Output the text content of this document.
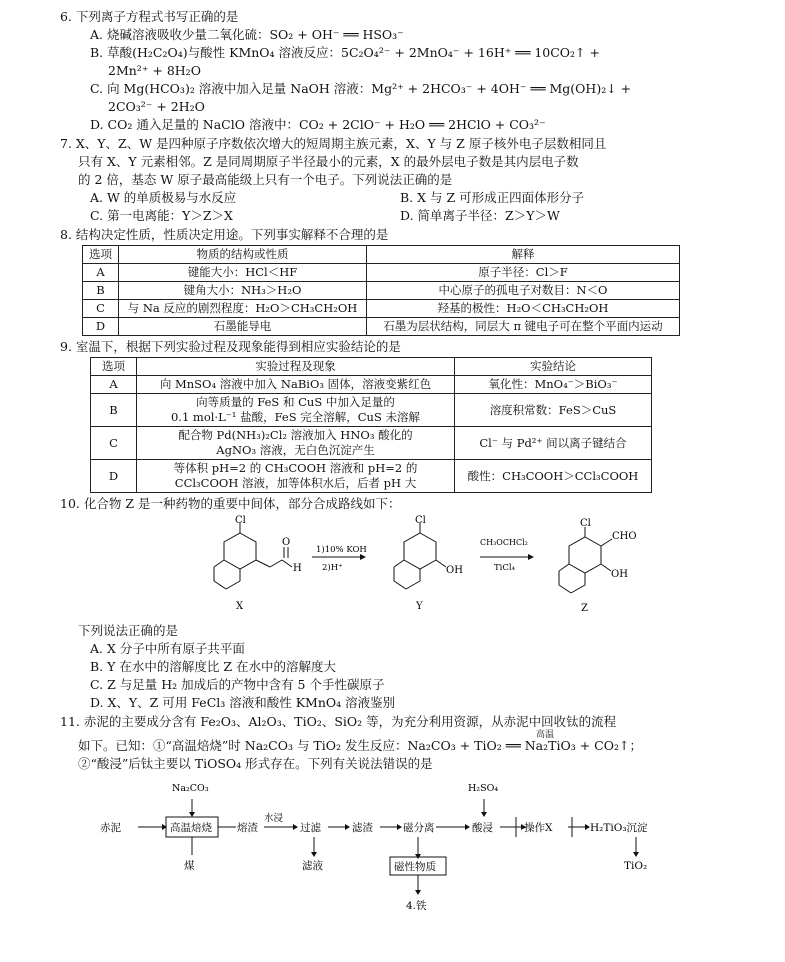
6. 下列离子方程式书写正确的是
A. 烧碱溶液吸收少量二氧化硫：SO₂ + OH⁻ ══ HSO₃⁻
B. 草酸(H₂C₂O₄)与酸性 KMnO₄ 溶液反应：5C₂O₄²⁻ + 2MnO₄⁻ + 16H⁺ ══ 10CO₂↑ +
2Mn²⁺ + 8H₂O
C. 向 Mg(HCO₃)₂ 溶液中加入足量 NaOH 溶液：Mg²⁺ + 2HCO₃⁻ + 4OH⁻ ══ Mg(OH)₂↓ +
2CO₃²⁻ + 2H₂O
D. CO₂ 通入足量的 NaClO 溶液中：CO₂ + 2ClO⁻ + H₂O ══ 2HClO + CO₃²⁻
7. X、Y、Z、W 是四种原子序数依次增大的短周期主族元素，X、Y 与 Z 原子核外电子层数相同且
只有 X、Y 元素相邻。Z 是同周期原子半径最小的元素，X 的最外层电子数是其内层电子数
的 2 倍，基态 W 原子最高能级上只有一个电子。下列说法正确的是
A. W 的单质极易与水反应	B. X 与 Z 可形成正四面体形分子
C. 第一电离能：Y＞Z＞X	D. 简单离子半径：Z＞Y＞W
8. 结构决定性质，性质决定用途。下列事实解释不合理的是
选项	物质的结构或性质	解释
A	键能大小：HCl＜HF	原子半径：Cl＞F
B	键角大小：NH₃＞H₂O	中心原子的孤电子对数目：N＜O
C	与 Na 反应的剧烈程度：H₂O＞CH₃CH₂OH	羟基的极性：H₂O＜CH₃CH₂OH
D	石墨能导电	石墨为层状结构，同层大 π 键电子可在整个平面内运动
9. 室温下，根据下列实验过程及现象能得到相应实验结论的是
选项	实验过程及现象	实验结论
A	向 MnSO₄ 溶液中加入 NaBiO₃ 固体，溶液变紫红色	氧化性：MnO₄⁻＞BiO₃⁻
B	向等质量的 FeS 和 CuS 中加入足量的
0.1 mol·L⁻¹ 盐酸，FeS 完全溶解，CuS 未溶解	溶度积常数：FeS＞CuS
C	配合物 Pd(NH₃)₂Cl₂ 溶液加入 HNO₃ 酸化的
AgNO₃ 溶液，无白色沉淀产生	Cl⁻ 与 Pd²⁺ 间以离子键结合
D	等体积 pH=2 的 CH₃COOH 溶液和 pH=2 的
CCl₃COOH 溶液，加等体积水后，后者 pH 大	酸性：CH₃COOH＞CCl₃COOH
10. 化合物 Z 是一种药物的重要中间体，部分合成路线如下：
Cl
O
H
X
1)10% KOH
2)H⁺
Cl
OH
Y
CH₃OCHCl₂
TiCl₄
Cl
CHO
OH
Z
下列说法正确的是
A. X 分子中所有原子共平面
B. Y 在水中的溶解度比 Z 在水中的溶解度大
C. Z 与足量 H₂ 加成后的产物中含有 5 个手性碳原子
D. X、Y、Z 可用 FeCl₃ 溶液和酸性 KMnO₄ 溶液鉴别
11. 赤泥的主要成分含有 Fe₂O₃、Al₂O₃、TiO₂、SiO₂ 等，为充分利用资源，从赤泥中回收钛的流程
高温
如下。已知：①“高温焙烧”时 Na₂CO₃ 与 TiO₂ 发生反应：Na₂CO₃ + TiO₂ ══ Na₂TiO₃ + CO₂↑；
②“酸浸”后钛主要以 TiOSO₄ 形式存在。下列有关说法错误的是
Na₂CO₃	H₂SO₄
赤泥	高温焙烧 熔渣
水浸
过滤	滤渣	磁分离	酸浸	操作X	H₂TiO₃沉淀
煤	滤液	磁性物质
4.铁
TiO₂
